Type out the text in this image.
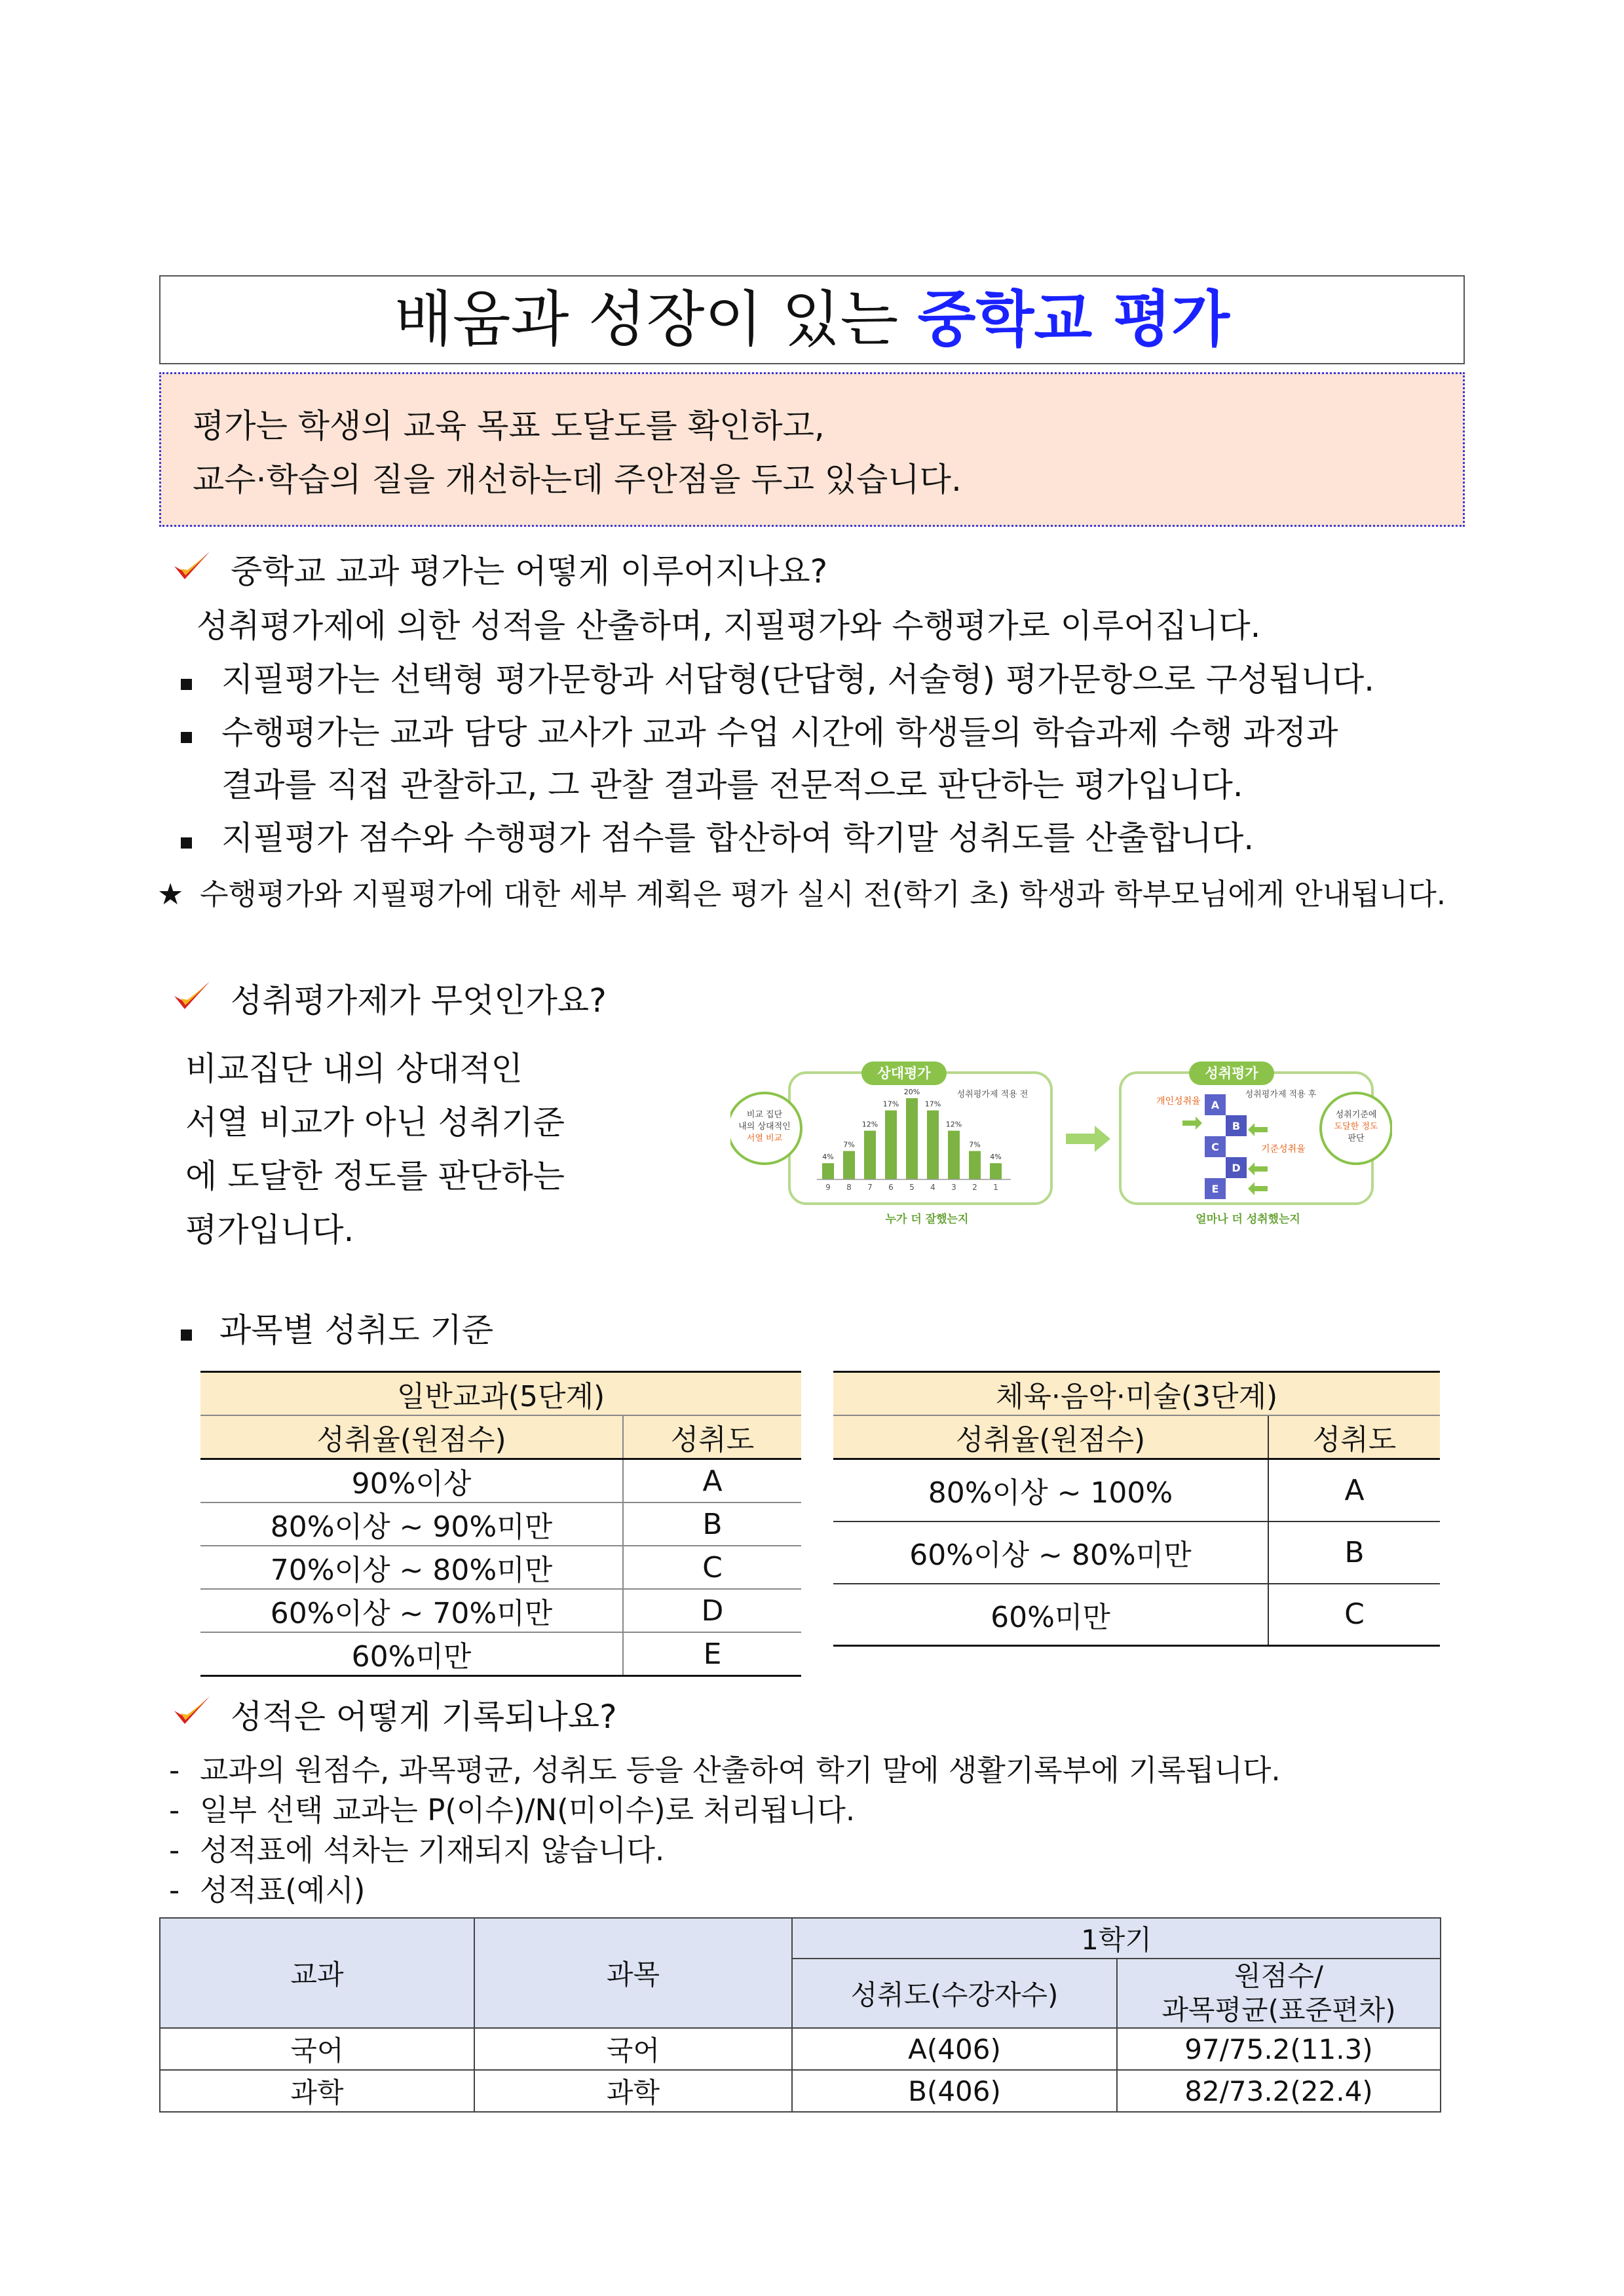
배움과 성장이 있는 중학교 평가
평가는 학생의 교육 목표 도달도를 확인하고,
교수·학습의 질을 개선하는데 주안점을 두고 있습니다.
중학교 교과 평가는 어떻게 이루어지나요?
성취평가제에 의한 성적을 산출하며, 지필평가와 수행평가로 이루어집니다.
지필평가는 선택형 평가문항과 서답형(단답형, 서술형) 평가문항으로 구성됩니다.
수행평가는 교과 담당 교사가 교과 수업 시간에 학생들의 학습과제 수행 과정과
결과를 직접 관찰하고, 그 관찰 결과를 전문적으로 판단하는 평가입니다.
지필평가 점수와 수행평가 점수를 합산하여 학기말 성취도를 산출합니다.
★ 수행평가와 지필평가에 대한 세부 계획은 평가 실시 전(학기 초) 학생과 학부모님에게 안내됩니다.
성취평가제가 무엇인가요?
비교집단 내의 상대적인
서열 비교가 아닌 성취기준
에 도달한 정도를 판단하는
평가입니다.
상대평가
성취평가제 적용 전
비교 집단
내의 상대적인
서열 비교
4%
9
7%
8
12%
7
17%
6
20%
5
17%
4
12%
3
7%
2
4%
1
누가 더 잘했는지
성취평가
성취평가제 적용 후
개인성취율
기준성취율
A
B
C
D
E
성취기준에
도달한 정도
판단
얼마나 더 성취했는지
과목별 성취도 기준
일반교과(5단계)	
성취율(원점수)	성취도
90%이상	A
80%이상 ~ 90%미만	B
70%이상 ~ 80%미만	C
60%이상 ~ 70%미만	D
60%미만	E
체육·음악·미술(3단계)	
성취율(원점수)	성취도
80%이상 ~ 100%	A
60%이상 ~ 80%미만	B
60%미만	C
성적은 어떻게 기록되나요?
- 교과의 원점수, 과목평균, 성취도 등을 산출하여 학기 말에 생활기록부에 기록됩니다.
- 일부 선택 교과는 P(이수)/N(미이수)로 처리됩니다.
- 성적표에 석차는 기재되지 않습니다.
- 성적표(예시)
교과	과목	1학기	
		성취도(수강자수)	원점수/
과목평균(표준편차)

국어	국어	A(406)	97/75.2(11.3)
과학	과학	B(406)	82/73.2(22.4)
